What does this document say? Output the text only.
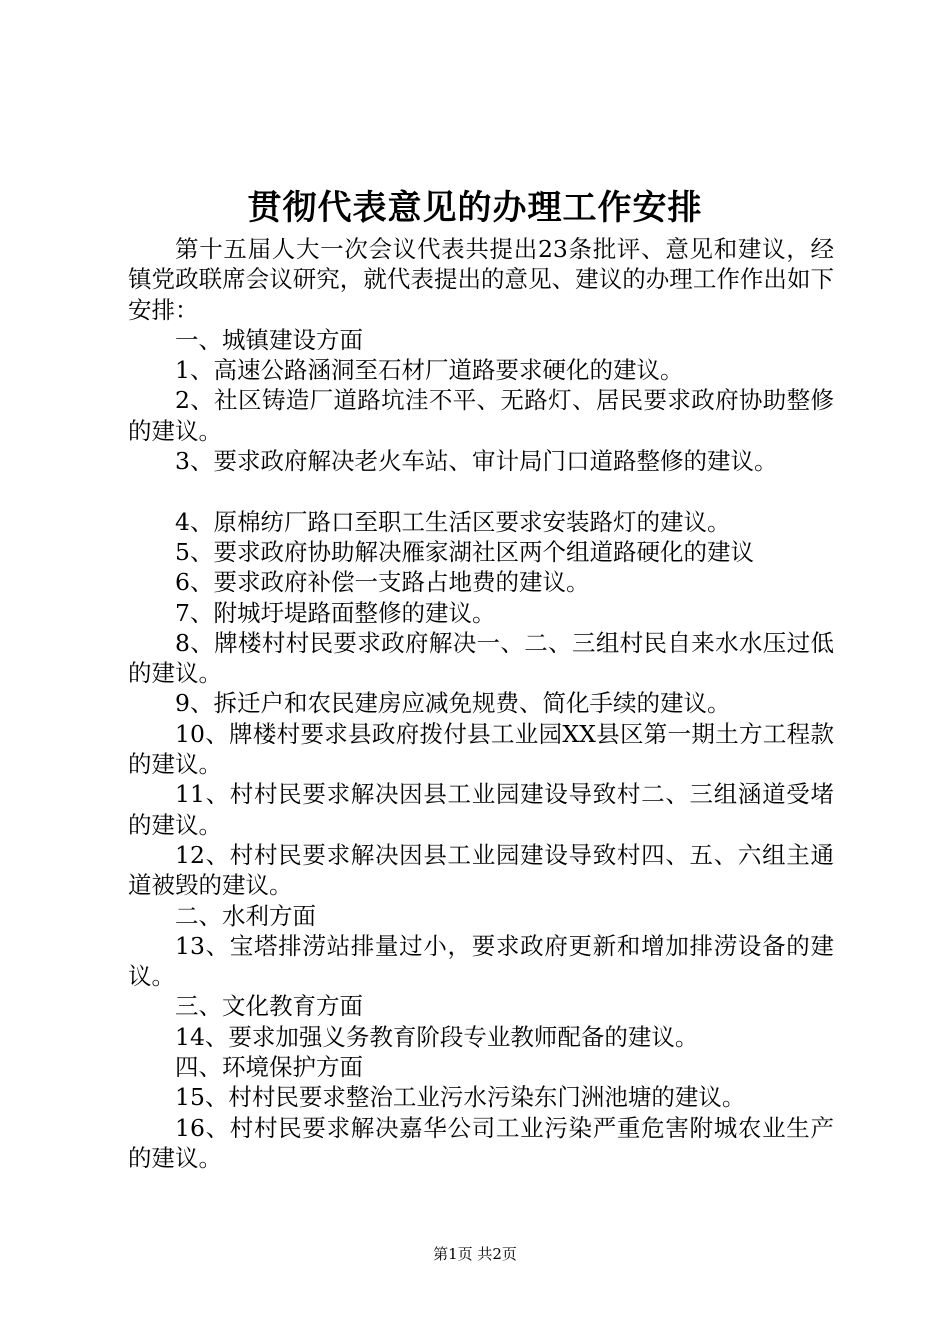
贯彻代表意见的办理工作安排

第十五届人大一次会议代表共提出23条批评、意见和建议，经镇党政联席会议研究，就代表提出的意见、建议的办理工作作出如下安排：

一、城镇建设方面

1、高速公路涵洞至石材厂道路要求硬化的建议。

2、社区铸造厂道路坑洼不平、无路灯、居民要求政府协助整修的建议。

3、要求政府解决老火车站、审计局门口道路整修的建议。

4、原棉纺厂路口至职工生活区要求安装路灯的建议。

5、要求政府协助解决雁家湖社区两个组道路硬化的建议

6、要求政府补偿一支路占地费的建议。

7、附城圩堤路面整修的建议。

8、牌楼村村民要求政府解决一、二、三组村民自来水水压过低的建议。

9、拆迁户和农民建房应减免规费、简化手续的建议。

10、牌楼村要求县政府拨付县工业园XX县区第一期土方工程款的建议。

11、村村民要求解决因县工业园建设导致村二、三组涵道受堵的建议。

12、村村民要求解决因县工业园建设导致村四、五、六组主通道被毁的建议。

二、水利方面

13、宝塔排涝站排量过小，要求政府更新和增加排涝设备的建议。

三、文化教育方面

14、要求加强义务教育阶段专业教师配备的建议。

四、环境保护方面

15、村村民要求整治工业污水污染东门洲池塘的建议。

16、村村民要求解决嘉华公司工业污染严重危害附城农业生产的建议。

第1页 共2页
